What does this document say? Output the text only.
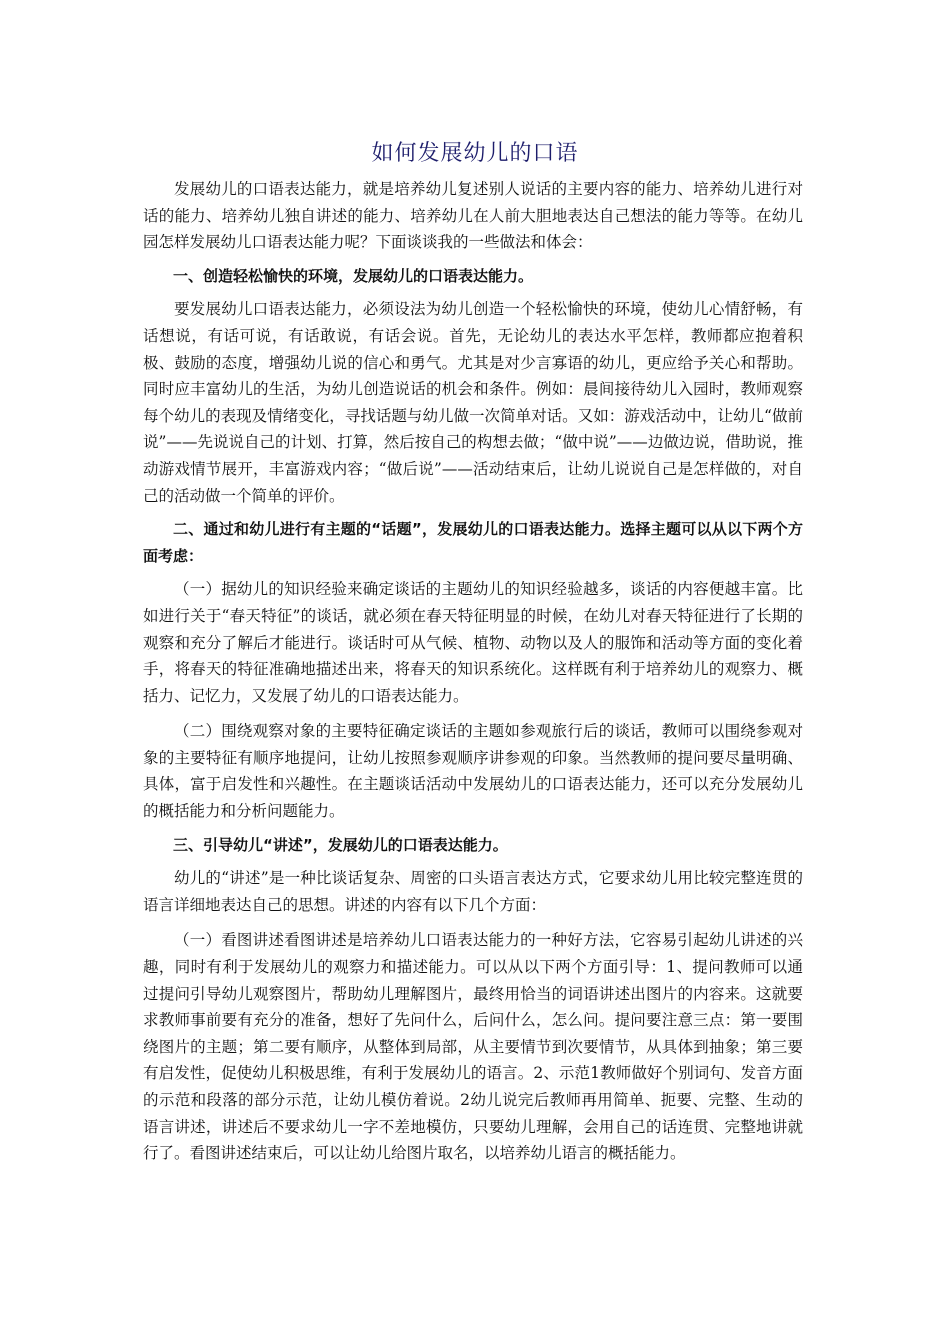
如何发展幼儿的口语

发展幼儿的口语表达能力，就是培养幼儿复述别人说话的主要内容的能力、培养幼儿进行对话的能力、培养幼儿独自讲述的能力、培养幼儿在人前大胆地表达自己想法的能力等等。在幼儿园怎样发展幼儿口语表达能力呢？下面谈谈我的一些做法和体会：

一、创造轻松愉快的环境，发展幼儿的口语表达能力。

要发展幼儿口语表达能力，必须设法为幼儿创造一个轻松愉快的环境，使幼儿心情舒畅，有话想说，有话可说，有话敢说，有话会说。首先，无论幼儿的表达水平怎样，教师都应抱着积极、鼓励的态度，增强幼儿说的信心和勇气。尤其是对少言寡语的幼儿，更应给予关心和帮助。同时应丰富幼儿的生活，为幼儿创造说话的机会和条件。例如：晨间接待幼儿入园时，教师观察每个幼儿的表现及情绪变化，寻找话题与幼儿做一次简单对话。又如：游戏活动中，让幼儿“做前说”——先说说自己的计划、打算，然后按自己的构想去做；“做中说”——边做边说，借助说，推动游戏情节展开，丰富游戏内容；“做后说”——活动结束后，让幼儿说说自己是怎样做的，对自己的活动做一个简单的评价。

二、通过和幼儿进行有主题的“话题”，发展幼儿的口语表达能力。选择主题可以从以下两个方面考虑：

（一）据幼儿的知识经验来确定谈话的主题幼儿的知识经验越多，谈话的内容便越丰富。比如进行关于“春天特征”的谈话，就必须在春天特征明显的时候，在幼儿对春天特征进行了长期的观察和充分了解后才能进行。谈话时可从气候、植物、动物以及人的服饰和活动等方面的变化着手，将春天的特征准确地描述出来，将春天的知识系统化。这样既有利于培养幼儿的观察力、概括力、记忆力，又发展了幼儿的口语表达能力。

（二）围绕观察对象的主要特征确定谈话的主题如参观旅行后的谈话，教师可以围绕参观对象的主要特征有顺序地提问，让幼儿按照参观顺序讲参观的印象。当然教师的提问要尽量明确、具体，富于启发性和兴趣性。在主题谈话活动中发展幼儿的口语表达能力，还可以充分发展幼儿的概括能力和分析问题能力。

三、引导幼儿“讲述”，发展幼儿的口语表达能力。

幼儿的“讲述”是一种比谈话复杂、周密的口头语言表达方式，它要求幼儿用比较完整连贯的语言详细地表达自己的思想。讲述的内容有以下几个方面：

（一）看图讲述看图讲述是培养幼儿口语表达能力的一种好方法，它容易引起幼儿讲述的兴趣，同时有利于发展幼儿的观察力和描述能力。可以从以下两个方面引导：1、提问教师可以通过提问引导幼儿观察图片，帮助幼儿理解图片，最终用恰当的词语讲述出图片的内容来。这就要求教师事前要有充分的准备，想好了先问什么，后问什么，怎么问。提问要注意三点：第一要围绕图片的主题；第二要有顺序，从整体到局部，从主要情节到次要情节，从具体到抽象；第三要有启发性，促使幼儿积极思维，有利于发展幼儿的语言。2、示范1教师做好个别词句、发音方面的示范和段落的部分示范，让幼儿模仿着说。2幼儿说完后教师再用简单、扼要、完整、生动的语言讲述，讲述后不要求幼儿一字不差地模仿，只要幼儿理解，会用自己的话连贯、完整地讲就行了。看图讲述结束后，可以让幼儿给图片取名，以培养幼儿语言的概括能力。
